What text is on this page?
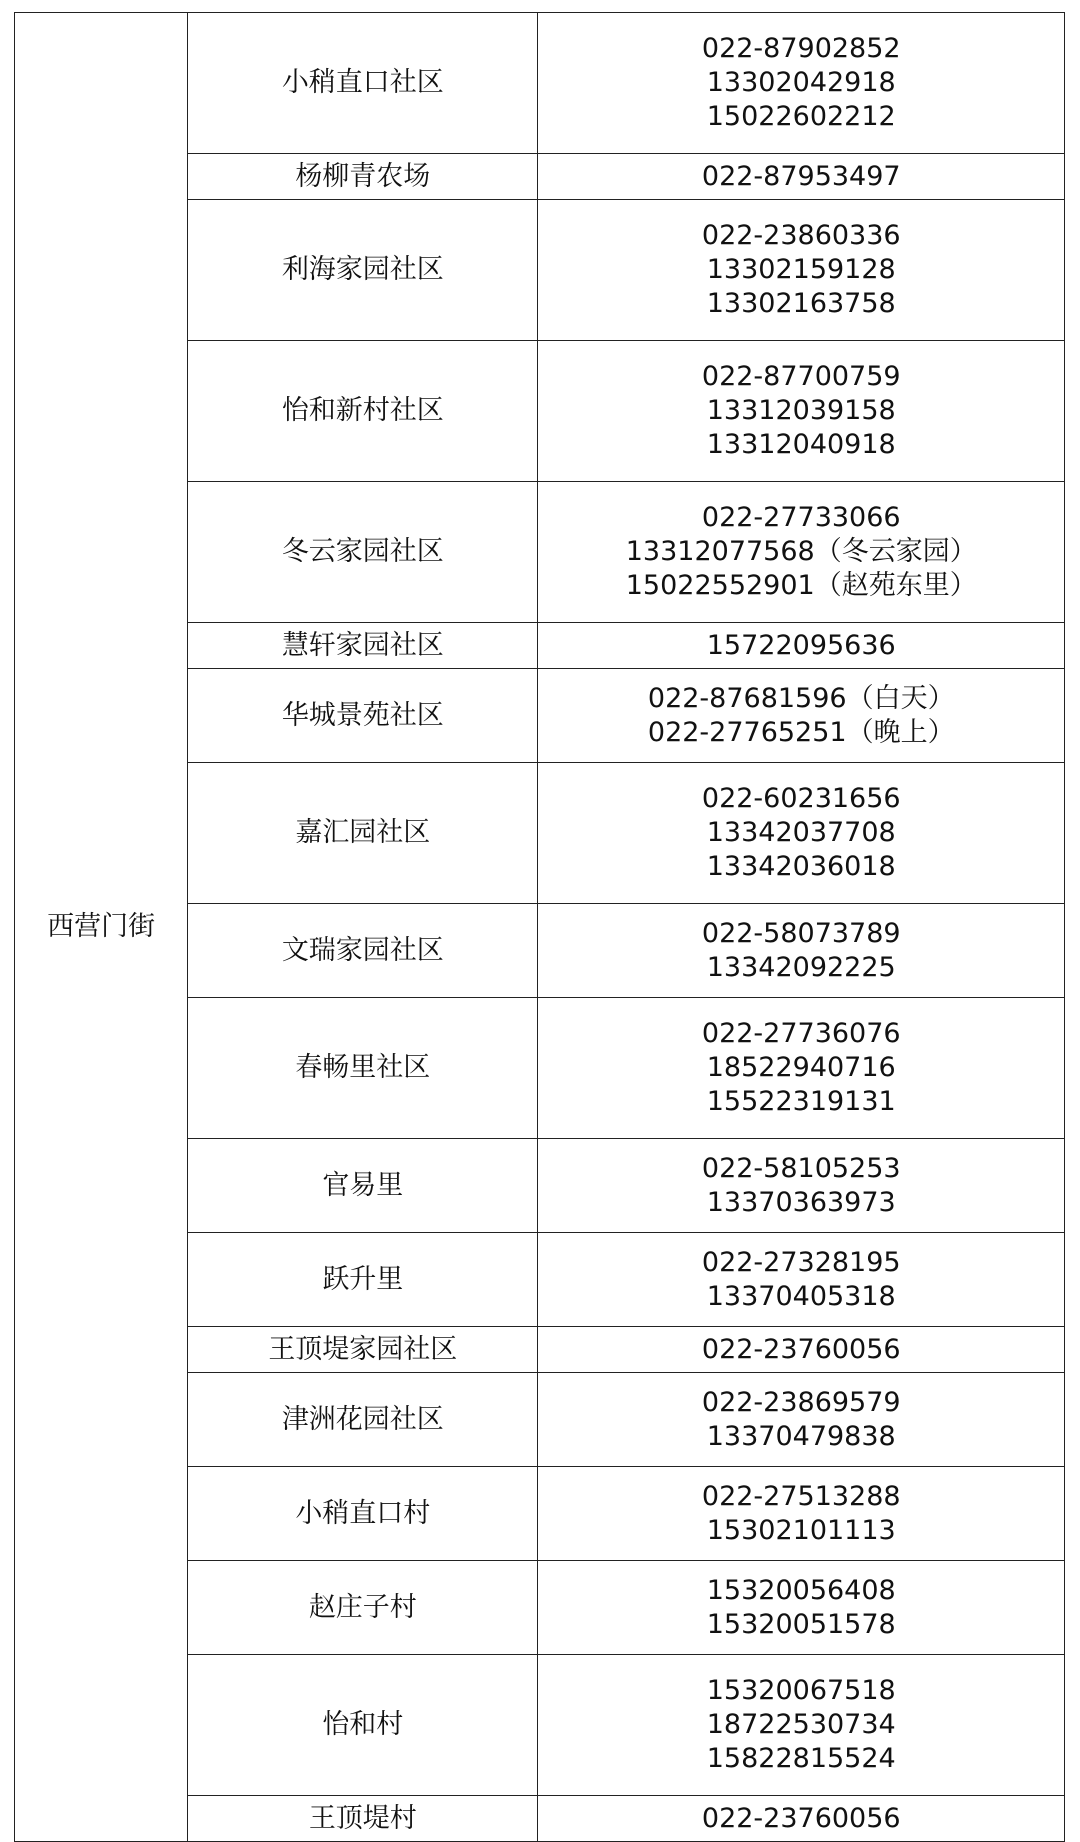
西营门街	小稍直口社区	022-87902852
13302042918
15022602212

	杨柳青农场	022-87953497

	利海家园社区	022-23860336
13302159128
13302163758

	怡和新村社区	022-87700759
13312039158
13312040918

	冬云家园社区	022-27733066
13312077568（冬云家园）
15022552901（赵苑东里）

	慧轩家园社区	15722095636

	华城景苑社区	022-87681596（白天）
022-27765251（晚上）

	嘉汇园社区	022-60231656
13342037708
13342036018

	文瑞家园社区	022-58073789
13342092225

	春畅里社区	022-27736076
18522940716
15522319131

	官易里	022-58105253
13370363973

	跃升里	022-27328195
13370405318

	王顶堤家园社区	022-23760056

	津洲花园社区	022-23869579
13370479838

	小稍直口村	022-27513288
15302101113

	赵庄子村	15320056408
15320051578

	怡和村	15320067518
18722530734
15822815524

	王顶堤村	022-23760056
